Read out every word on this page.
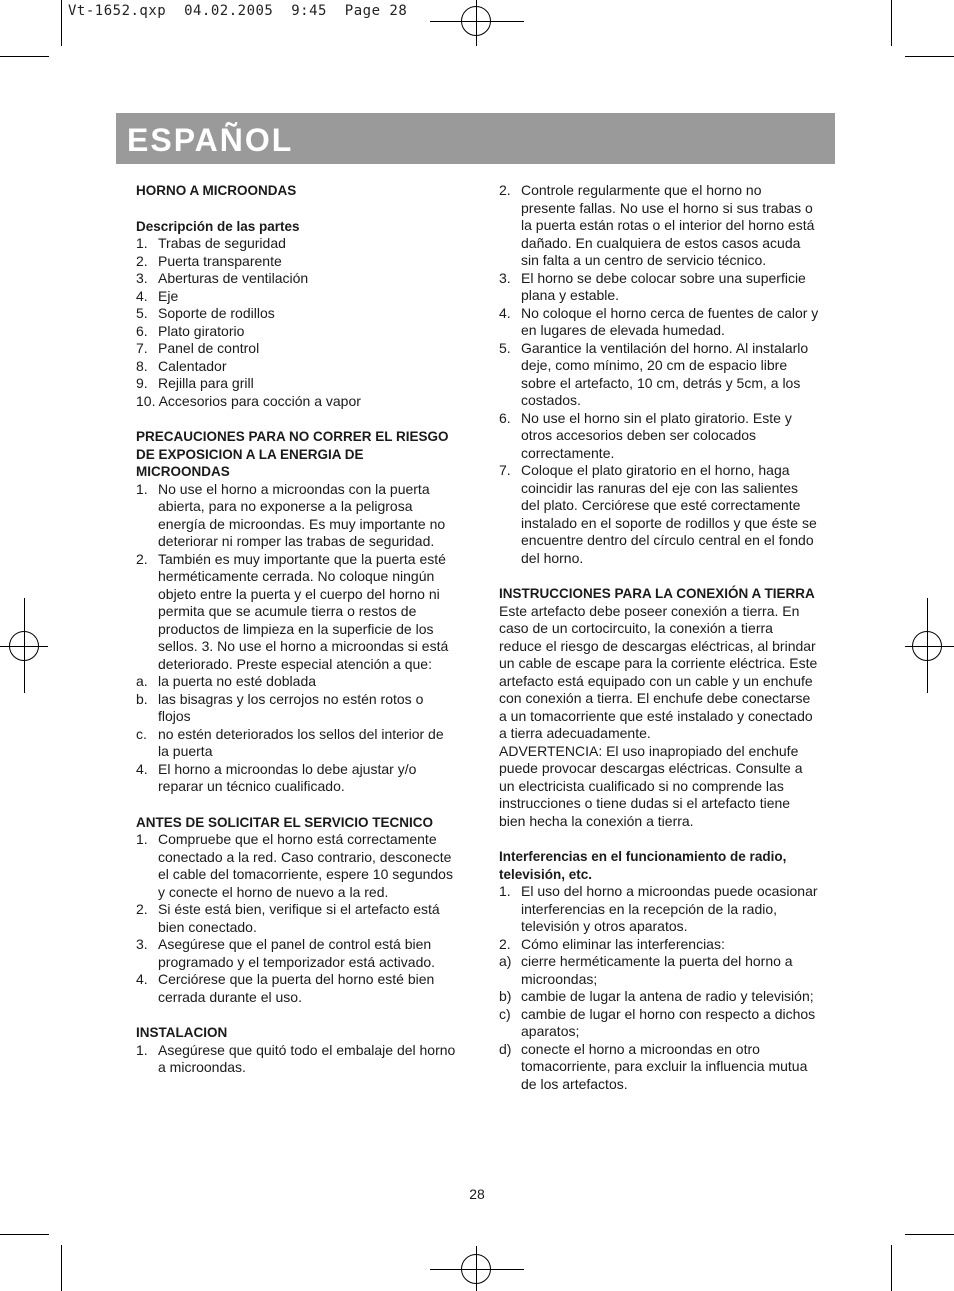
Vt-1652.qxp  04.02.2005  9:45  Page 28
ESPAÑOL
HORNO A MICROONDAS
Descripción de las partes
1. Trabas de seguridad
2. Puerta transparente
3. Aberturas de ventilación
4. Eje
5. Soporte de rodillos
6. Plato giratorio
7. Panel de control
8. Calentador
9. Rejilla para grill
10. Accesorios para cocción a vapor
PRECAUCIONES PARA NO CORRER EL RIESGO DE EXPOSICION A LA ENERGIA DE MICROONDAS
1. No use el horno a microondas con la puerta abierta, para no exponerse a la peligrosa energía de microondas. Es muy importante no deteriorar ni romper las trabas de seguridad.
2. También es muy importante que la puerta esté herméticamente cerrada. No coloque ningún objeto entre la puerta y el cuerpo del horno ni permita que se acumule tierra o restos de productos de limpieza en la superficie de los sellos. 3. No use el horno a microondas si está deteriorado. Preste especial atención a que:
a. la puerta no esté doblada
b. las bisagras y los cerrojos no estén rotos o flojos
c. no estén deteriorados los sellos del interior de la puerta
4. El horno a microondas lo debe ajustar y/o reparar un técnico cualificado.
ANTES DE SOLICITAR EL SERVICIO TECNICO
1. Compruebe que el horno está correctamente conectado a la red. Caso contrario, desconecte el cable del tomacorriente, espere 10 segundos y conecte el horno de nuevo a la red.
2. Si éste está bien, verifique si el artefacto está bien conectado.
3. Asegúrese que el panel de control está bien programado y el temporizador está activado.
4. Cerciórese que la puerta del horno esté bien cerrada durante el uso.
INSTALACION
1. Asegúrese que quitó todo el embalaje del horno a microondas.
2. Controle regularmente que el horno no presente fallas. No use el horno si sus trabas o la puerta están rotas o el interior del horno está dañado. En cualquiera de estos casos acuda sin falta a un centro de servicio técnico.
3. El horno se debe colocar sobre una superficie plana y estable.
4. No coloque el horno cerca de fuentes de calor y en lugares de elevada humedad.
5. Garantice la ventilación del horno. Al instalarlo deje, como mínimo, 20 cm de espacio libre sobre el artefacto, 10 cm, detrás y 5cm, a los costados.
6. No use el horno sin el plato giratorio. Este y otros accesorios deben ser colocados correctamente.
7. Coloque el plato giratorio en el horno, haga coincidir las ranuras del eje con las salientes del plato. Cerciórese que esté correctamente instalado en el soporte de rodillos y que éste se encuentre dentro del círculo central en el fondo del horno.
INSTRUCCIONES PARA LA CONEXIÓN A TIERRA
Este artefacto debe poseer conexión a tierra. En caso de un cortocircuito, la conexión a tierra reduce el riesgo de descargas eléctricas, al brindar un cable de escape para la corriente eléctrica. Este artefacto está equipado con un cable y un enchufe con conexión a tierra. El enchufe debe conectarse a un tomacorriente que esté instalado y conectado a tierra adecuadamente.
ADVERTENCIA: El uso inapropiado del enchufe puede provocar descargas eléctricas. Consulte a un electricista cualificado si no comprende las instrucciones o tiene dudas si el artefacto tiene bien hecha la conexión a tierra.
Interferencias en el funcionamiento de radio, televisión, etc.
1. El uso del horno a microondas puede ocasionar interferencias en la recepción de la radio, televisión y otros aparatos.
2. Cómo eliminar las interferencias:
a) cierre herméticamente la puerta del horno a microondas;
b) cambie de lugar la antena de radio y televisión;
c) cambie de lugar el horno con respecto a dichos aparatos;
d) conecte el horno a microondas en otro tomacorriente, para excluir la influencia mutua de los artefactos.
28
